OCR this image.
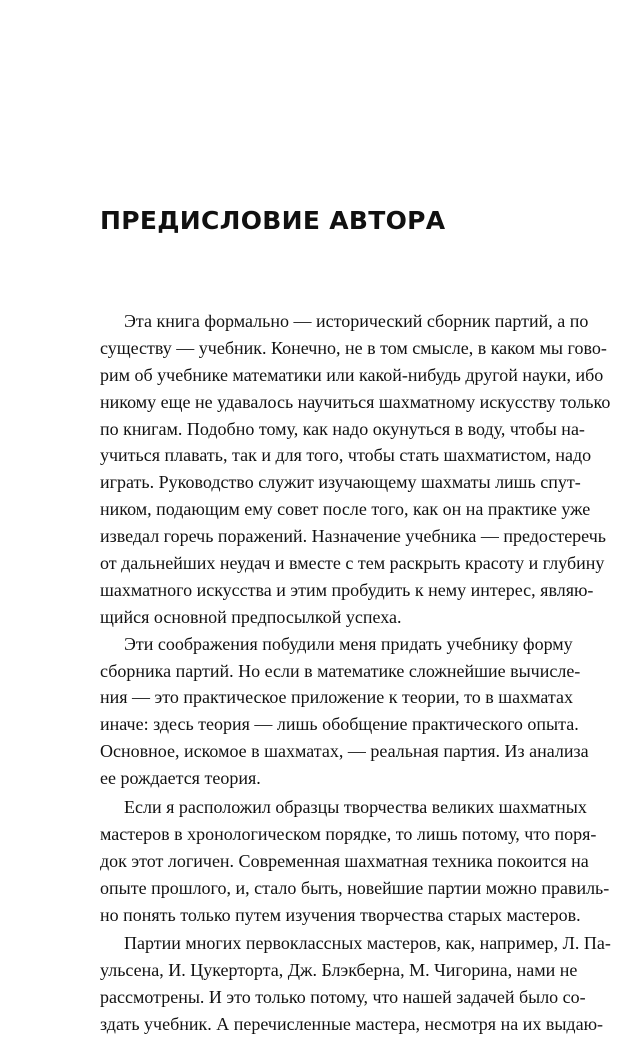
ПРЕДИСЛОВИЕ АВТОРА
Эта книга формально — исторический сборник партий, а по
существу — учебник. Конечно, не в том смысле, в каком мы гово-
рим об учебнике математики или какой-нибудь другой науки, ибо
никому еще не удавалось научиться шахматному искусству только
по книгам. Подобно тому, как надо окунуться в воду, чтобы на-
учиться плавать, так и для того, чтобы стать шахматистом, надо
играть. Руководство служит изучающему шахматы лишь спут-
ником, подающим ему совет после того, как он на практике уже
изведал горечь поражений. Назначение учебника — предостеречь
от дальнейших неудач и вместе с тем раскрыть красоту и глубину
шахматного искусства и этим пробудить к нему интерес, являю-
щийся основной предпосылкой успеха.
Эти соображения побудили меня придать учебнику форму
сборника партий. Но если в математике сложнейшие вычисле-
ния — это практическое приложение к теории, то в шахматах
иначе: здесь теория — лишь обобщение практического опыта.
Основное, искомое в шахматах, — реальная партия. Из анализа
ее рождается теория.
Если я расположил образцы творчества великих шахматных
мастеров в хронологическом порядке, то лишь потому, что поря-
док этот логичен. Современная шахматная техника покоится на
опыте прошлого, и, стало быть, новейшие партии можно правиль-
но понять только путем изучения творчества старых мастеров.
Партии многих первоклассных мастеров, как, например, Л. Па-
ульсена, И. Цукерторта, Дж. Блэкберна, М. Чигорина, нами не
рассмотрены. И это только потому, что нашей задачей было со-
здать учебник. А перечисленные мастера, несмотря на их выдаю-
